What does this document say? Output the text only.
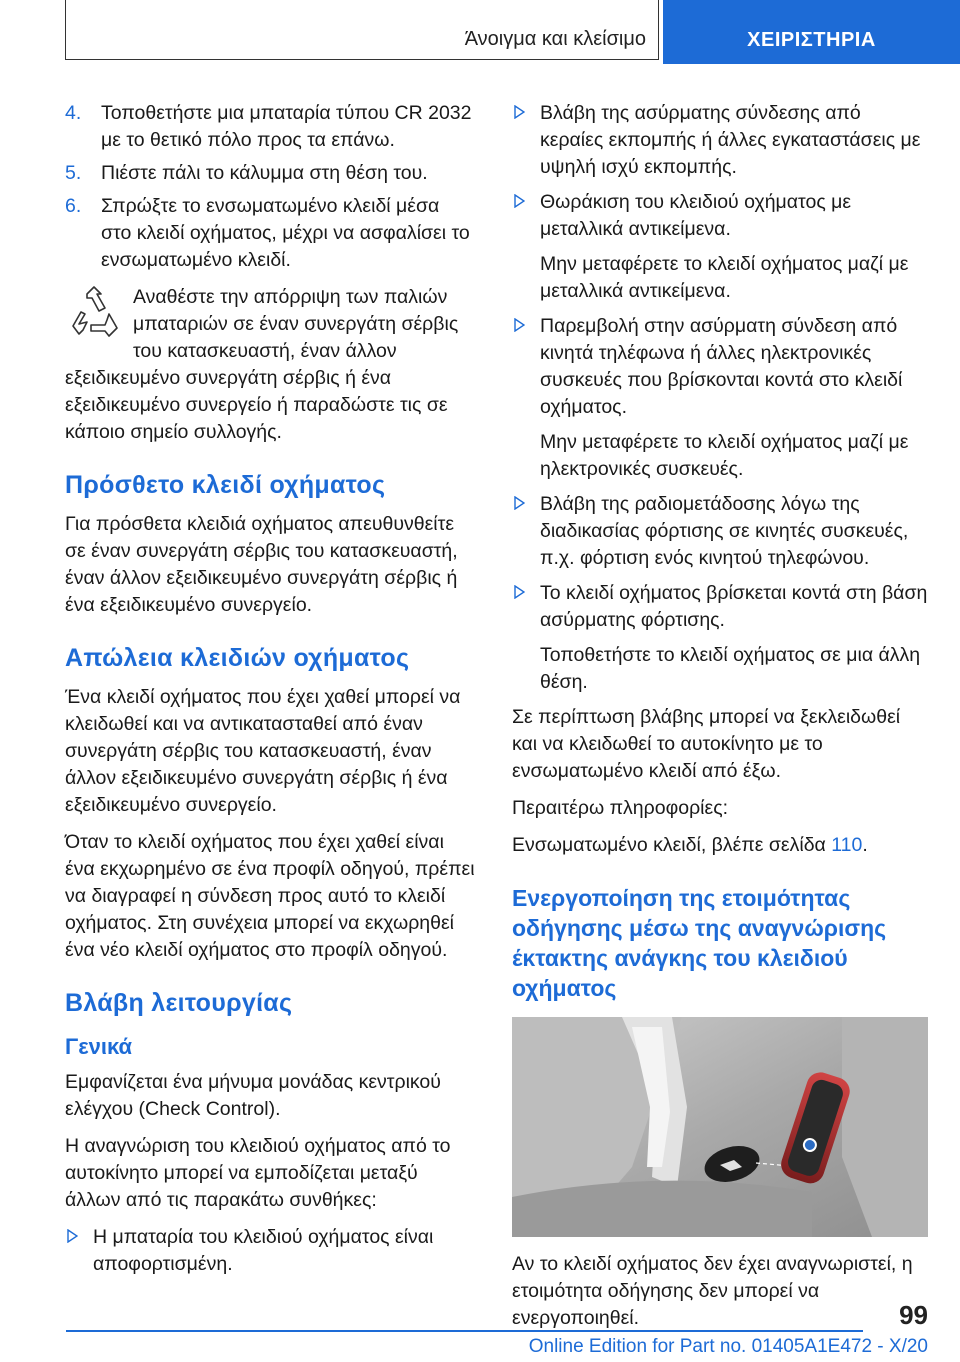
Άνοιγμα και κλείσιμο	ΧΕΙΡΙΣΤΗΡΙΑ
4. Τοποθετήστε μια μπαταρία τύπου CR 2032 με το θετικό πόλο προς τα επάνω.
5. Πιέστε πάλι το κάλυμμα στη θέση του.
6. Σπρώξτε το ενσωματωμένο κλειδί μέσα στο κλειδί οχήματος, μέχρι να ασφαλίσει το ενσωματωμένο κλειδί.
Αναθέστε την απόρριψη των παλιών μπαταριών σε έναν συνεργάτη σέρβις του κατασκευαστή, έναν άλλον εξειδικευμένο συνεργάτη σέρβις ή ένα εξειδικευμένο συνεργείο ή παραδώστε τις σε κάποιο σημείο συλλογής.
Πρόσθετο κλειδί οχήματος

Για πρόσθετα κλειδιά οχήματος απευθυνθείτε σε έναν συνεργάτη σέρβις του κατασκευαστή, έναν άλλον εξειδικευμένο συνεργάτη σέρβις ή ένα εξειδικευμένο συνεργείο.

Απώλεια κλειδιών οχήματος

Ένα κλειδί οχήματος που έχει χαθεί μπορεί να κλειδωθεί και να αντικατασταθεί από έναν συνεργάτη σέρβις του κατασκευαστή, έναν άλλον εξειδικευμένο συνεργάτη σέρβις ή ένα εξειδικευμένο συνεργείο.

Όταν το κλειδί οχήματος που έχει χαθεί είναι ένα εκχωρημένο σε ένα προφίλ οδηγού, πρέπει να διαγραφεί η σύνδεση προς αυτό το κλειδί οχήματος. Στη συνέχεια μπορεί να εκχωρηθεί ένα νέο κλειδί οχήματος στο προφίλ οδηγού.

Βλάβη λειτουργίας
Γενικά

Εμφανίζεται ένα μήνυμα μονάδας κεντρικού ελέγχου (Check Control).

Η αναγνώριση του κλειδιού οχήματος από το αυτοκίνητο μπορεί να εμποδίζεται μεταξύ άλλων από τις παρακάτω συνθήκες:

Η μπαταρία του κλειδιού οχήματος είναι αποφορτισμένη.
Βλάβη της ασύρματης σύνδεσης από κεραίες εκπομπής ή άλλες εγκαταστάσεις με υψηλή ισχύ εκπομπής.
Θωράκιση του κλειδιού οχήματος με μεταλλικά αντικείμενα.
Μην μεταφέρετε το κλειδί οχήματος μαζί με μεταλλικά αντικείμενα.
Παρεμβολή στην ασύρματη σύνδεση από κινητά τηλέφωνα ή άλλες ηλεκτρονικές συσκευές που βρίσκονται κοντά στο κλειδί οχήματος.
Μην μεταφέρετε το κλειδί οχήματος μαζί με ηλεκτρονικές συσκευές.
Βλάβη της ραδιομετάδοσης λόγω της διαδικασίας φόρτισης σε κινητές συσκευές, π.χ. φόρτιση ενός κινητού τηλεφώνου.
Το κλειδί οχήματος βρίσκεται κοντά στη βάση ασύρματης φόρτισης.
Τοποθετήστε το κλειδί οχήματος σε μια άλλη θέση.

Σε περίπτωση βλάβης μπορεί να ξεκλειδωθεί και να κλειδωθεί το αυτοκίνητο με το ενσωματωμένο κλειδί από έξω.

Περαιτέρω πληροφορίες:

Ενσωματωμένο κλειδί, βλέπε σελίδα 110.

Ενεργοποίηση της ετοιμότητας οδήγησης μέσω της αναγνώρισης έκτακτης ανάγκης του κλειδιού οχήματος

Αν το κλειδί οχήματος δεν έχει αναγνωριστεί, η ετοιμότητα οδήγησης δεν μπορεί να ενεργοποιηθεί.	99
Online Edition for Part no. 01405A1E472 - X/20
